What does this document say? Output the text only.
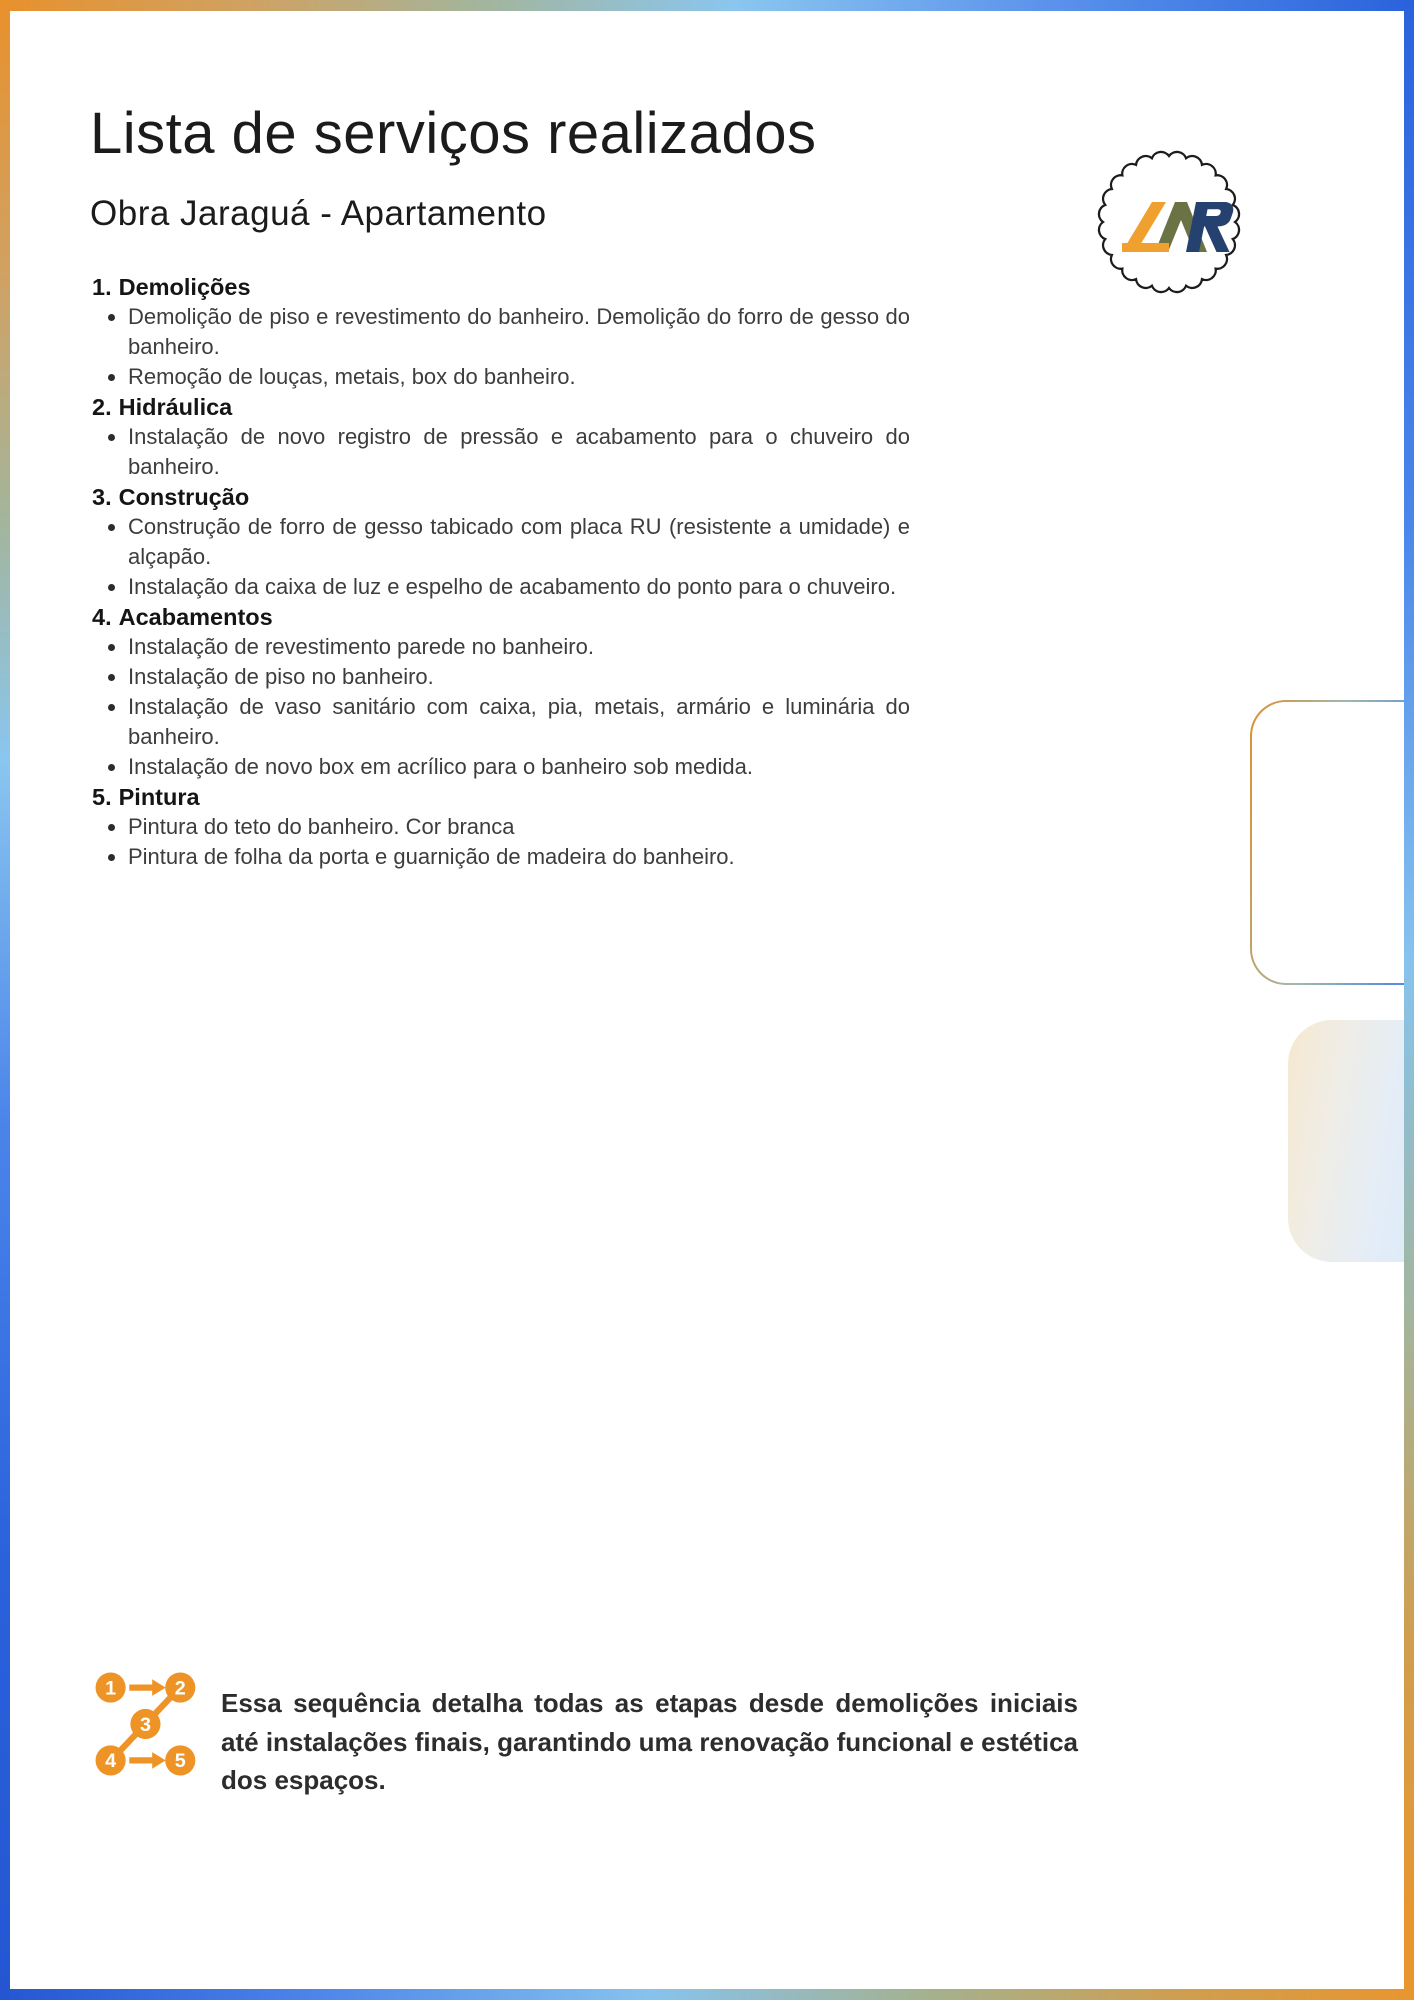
Lista de serviços realizados
Obra Jaraguá - Apartamento
1. Demolições
• Demolição de piso e revestimento do banheiro. Demolição do forro de gesso do banheiro.
• Remoção de louças, metais, box do banheiro.
2. Hidráulica
• Instalação de novo registro de pressão e acabamento para o chuveiro do banheiro.
3. Construção
• Construção de forro de gesso tabicado com placa RU (resistente a umidade) e alçapão.
• Instalação da caixa de luz e espelho de acabamento do ponto para o chuveiro.
4. Acabamentos
• Instalação de revestimento parede no banheiro.
• Instalação de piso no banheiro.
• Instalação de vaso sanitário com caixa, pia, metais, armário e luminária do banheiro.
• Instalação de novo box em acrílico para o banheiro sob medida.
5. Pintura
• Pintura do teto do banheiro. Cor branca
• Pintura de folha da porta e guarnição de madeira do banheiro.
1	2
3
4	5

Essa sequência detalha todas as etapas desde demolições iniciais até instalações finais, garantindo uma renovação funcional e estética dos espaços.
